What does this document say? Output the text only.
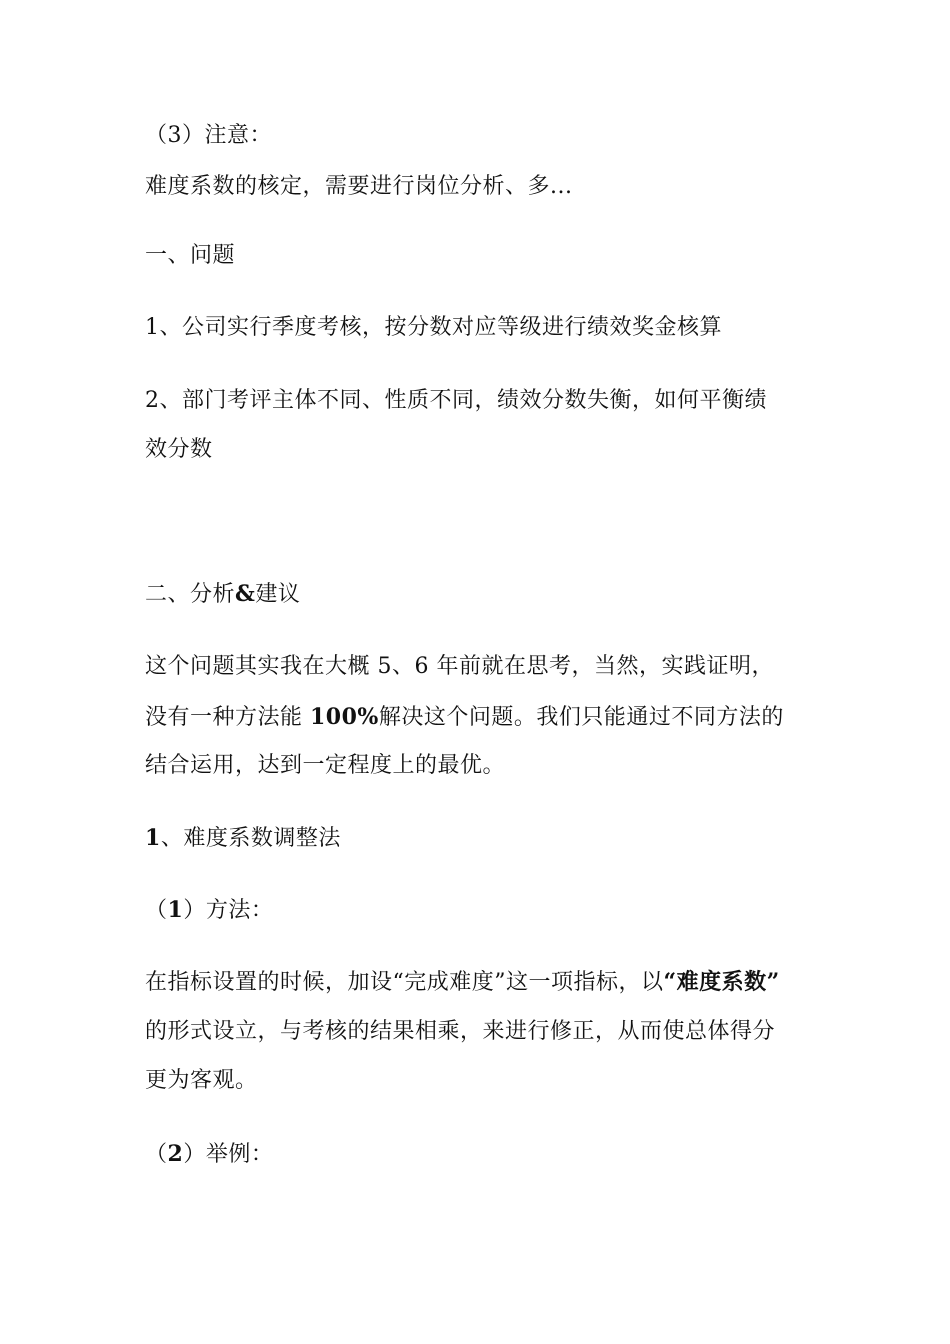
（3）注意：
难度系数的核定，需要进行岗位分析、多...
一、问题
1、公司实行季度考核，按分数对应等级进行绩效奖金核算
2、部门考评主体不同、性质不同，绩效分数失衡，如何平衡绩
效分数
二、分析&建议
这个问题其实我在大概 5、6 年前就在思考，当然，实践证明，
没有一种方法能 100%解决这个问题。我们只能通过不同方法的
结合运用，达到一定程度上的最优。
1、难度系数调整法
（1）方法：
在指标设置的时候，加设“完成难度”这一项指标，以“难度系数”
的形式设立，与考核的结果相乘，来进行修正，从而使总体得分
更为客观。
（2）举例：
